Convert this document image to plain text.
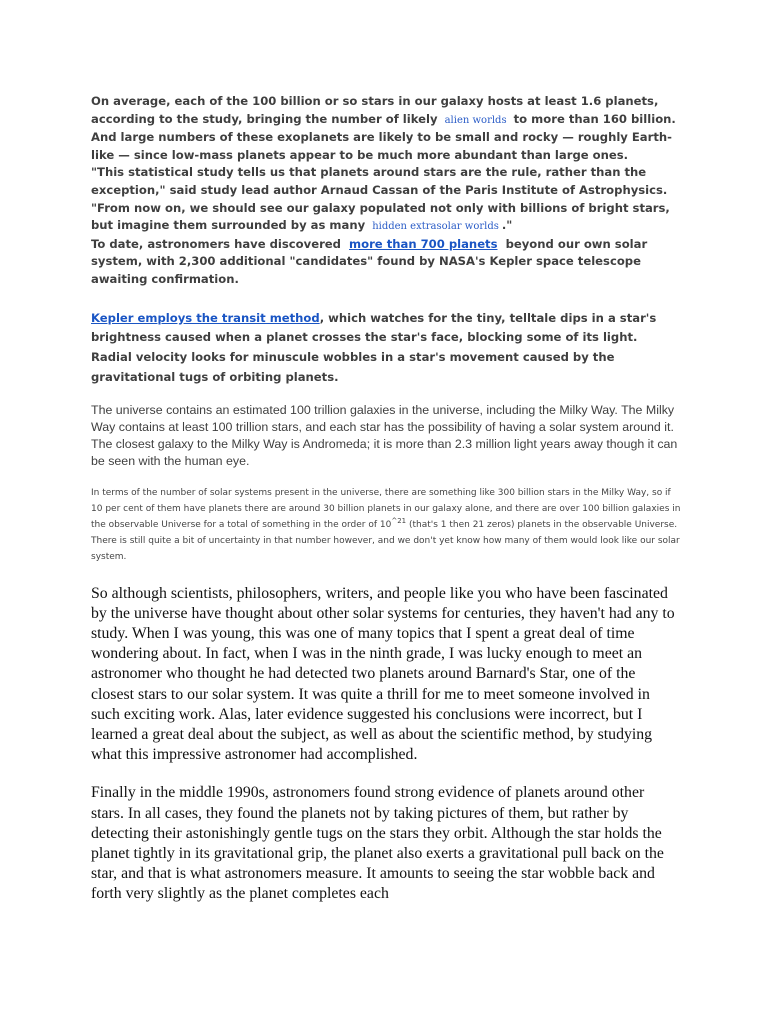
On average, each of the 100 billion or so stars in our galaxy hosts at least 1.6 planets, according to the study, bringing the number of likely alien worlds to more than 160 billion. And large numbers of these exoplanets are likely to be small and rocky — roughly Earth-like — since low-mass planets appear to be much more abundant than large ones.
"This statistical study tells us that planets around stars are the rule, rather than the exception," said study lead author Arnaud Cassan of the Paris Institute of Astrophysics. "From now on, we should see our galaxy populated not only with billions of bright stars, but imagine them surrounded by as many hidden extrasolar worlds ."
To date, astronomers have discovered more than 700 planets beyond our own solar system, with 2,300 additional "candidates" found by NASA's Kepler space telescope awaiting confirmation.

Kepler employs the transit method, which watches for the tiny, telltale dips in a star's brightness caused when a planet crosses the star's face, blocking some of its light. Radial velocity looks for minuscule wobbles in a star's movement caused by the gravitational tugs of orbiting planets.

The universe contains an estimated 100 trillion galaxies in the universe, including the Milky Way. The Milky Way contains at least 100 trillion stars, and each star has the possibility of having a solar system around it. The closest galaxy to the Milky Way is Andromeda; it is more than 2.3 million light years away though it can be seen with the human eye.

In terms of the number of solar systems present in the universe, there are something like 300 billion stars in the Milky Way, so if 10 per cent of them have planets there are around 30 billion planets in our galaxy alone, and there are over 100 billion galaxies in the observable Universe for a total of something in the order of $10^{\^{}21}$ (that's 1 then 21 zeros) planets in the observable Universe. There is still quite a bit of uncertainty in that number however, and we don't yet know how many of them would look like our solar system.

So although scientists, philosophers, writers, and people like you who have been fascinated by the universe have thought about other solar systems for centuries, they haven't had any to study. When I was young, this was one of many topics that I spent a great deal of time wondering about. In fact, when I was in the ninth grade, I was lucky enough to meet an astronomer who thought he had detected two planets around Barnard's Star, one of the closest stars to our solar system. It was quite a thrill for me to meet someone involved in such exciting work. Alas, later evidence suggested his conclusions were incorrect, but I learned a great deal about the subject, as well as about the scientific method, by studying what this impressive astronomer had accomplished.

Finally in the middle 1990s, astronomers found strong evidence of planets around other stars. In all cases, they found the planets not by taking pictures of them, but rather by detecting their astonishingly gentle tugs on the stars they orbit. Although the star holds the planet tightly in its gravitational grip, the planet also exerts a gravitational pull back on the star, and that is what astronomers measure. It amounts to seeing the star wobble back and forth very slightly as the planet completes each
